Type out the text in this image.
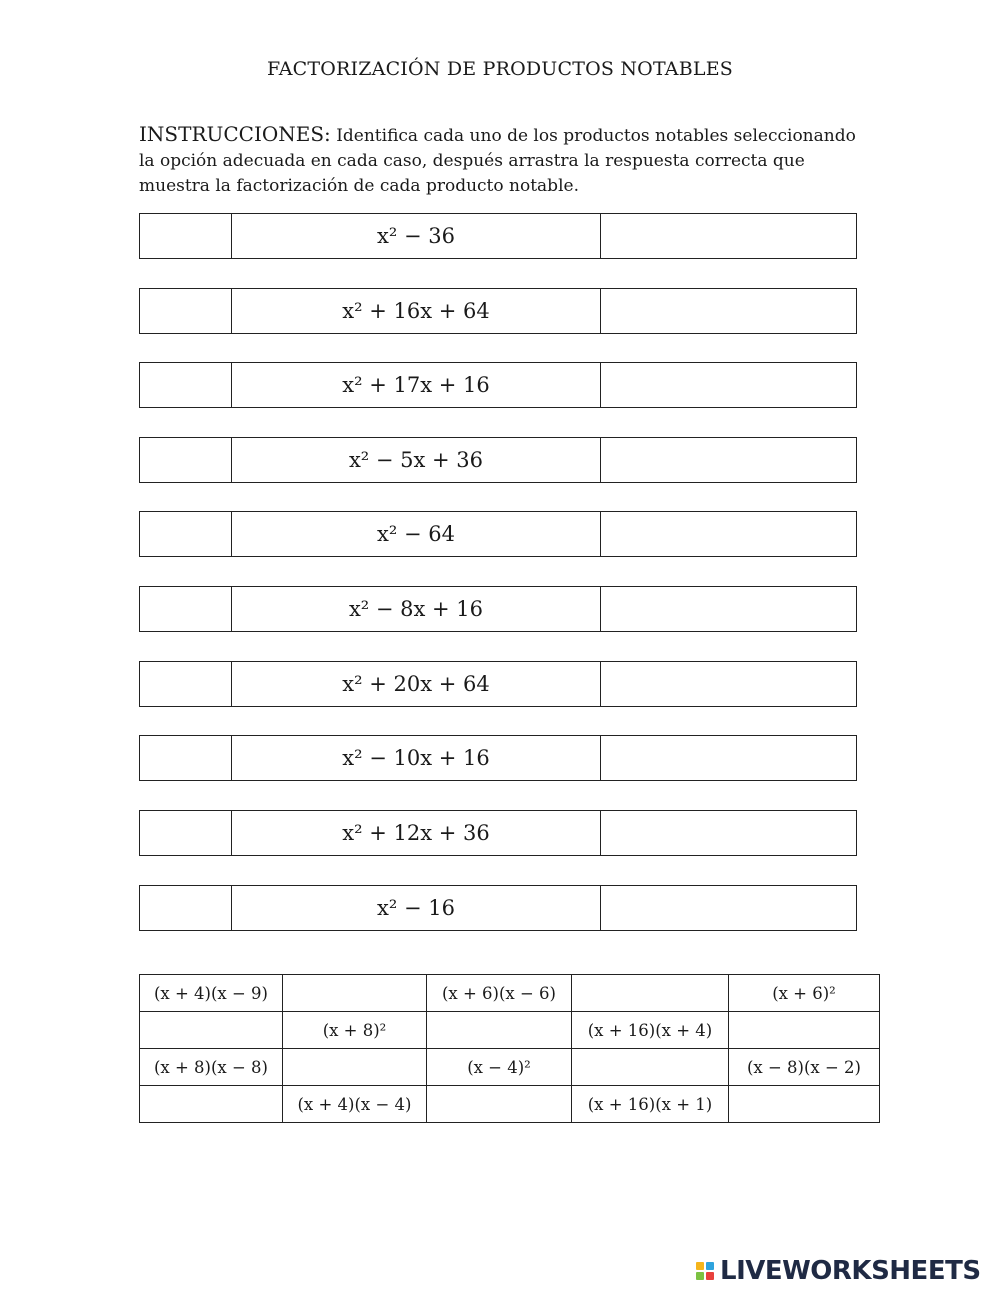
FACTORIZACIÓN DE PRODUCTOS NOTABLES
INSTRUCCIONES: Identifica cada uno de los productos notables seleccionando la opción adecuada en cada caso, después arrastra la respuesta correcta que muestra la factorización de cada producto notable.
x² − 36
x² + 16x + 64
x² + 17x + 16
x² − 5x + 36
x² − 64
x² − 8x + 16
x² + 20x + 64
x² − 10x + 16
x² + 12x + 36
x² − 16
(x + 4)(x − 9)		(x + 6)(x − 6)		(x + 6)²
	(x + 8)²		(x + 16)(x + 4)	
(x + 8)(x − 8)		(x − 4)²		(x − 8)(x − 2)
	(x + 4)(x − 4)		(x + 16)(x + 1)	
LIVEWORKSHEETS
